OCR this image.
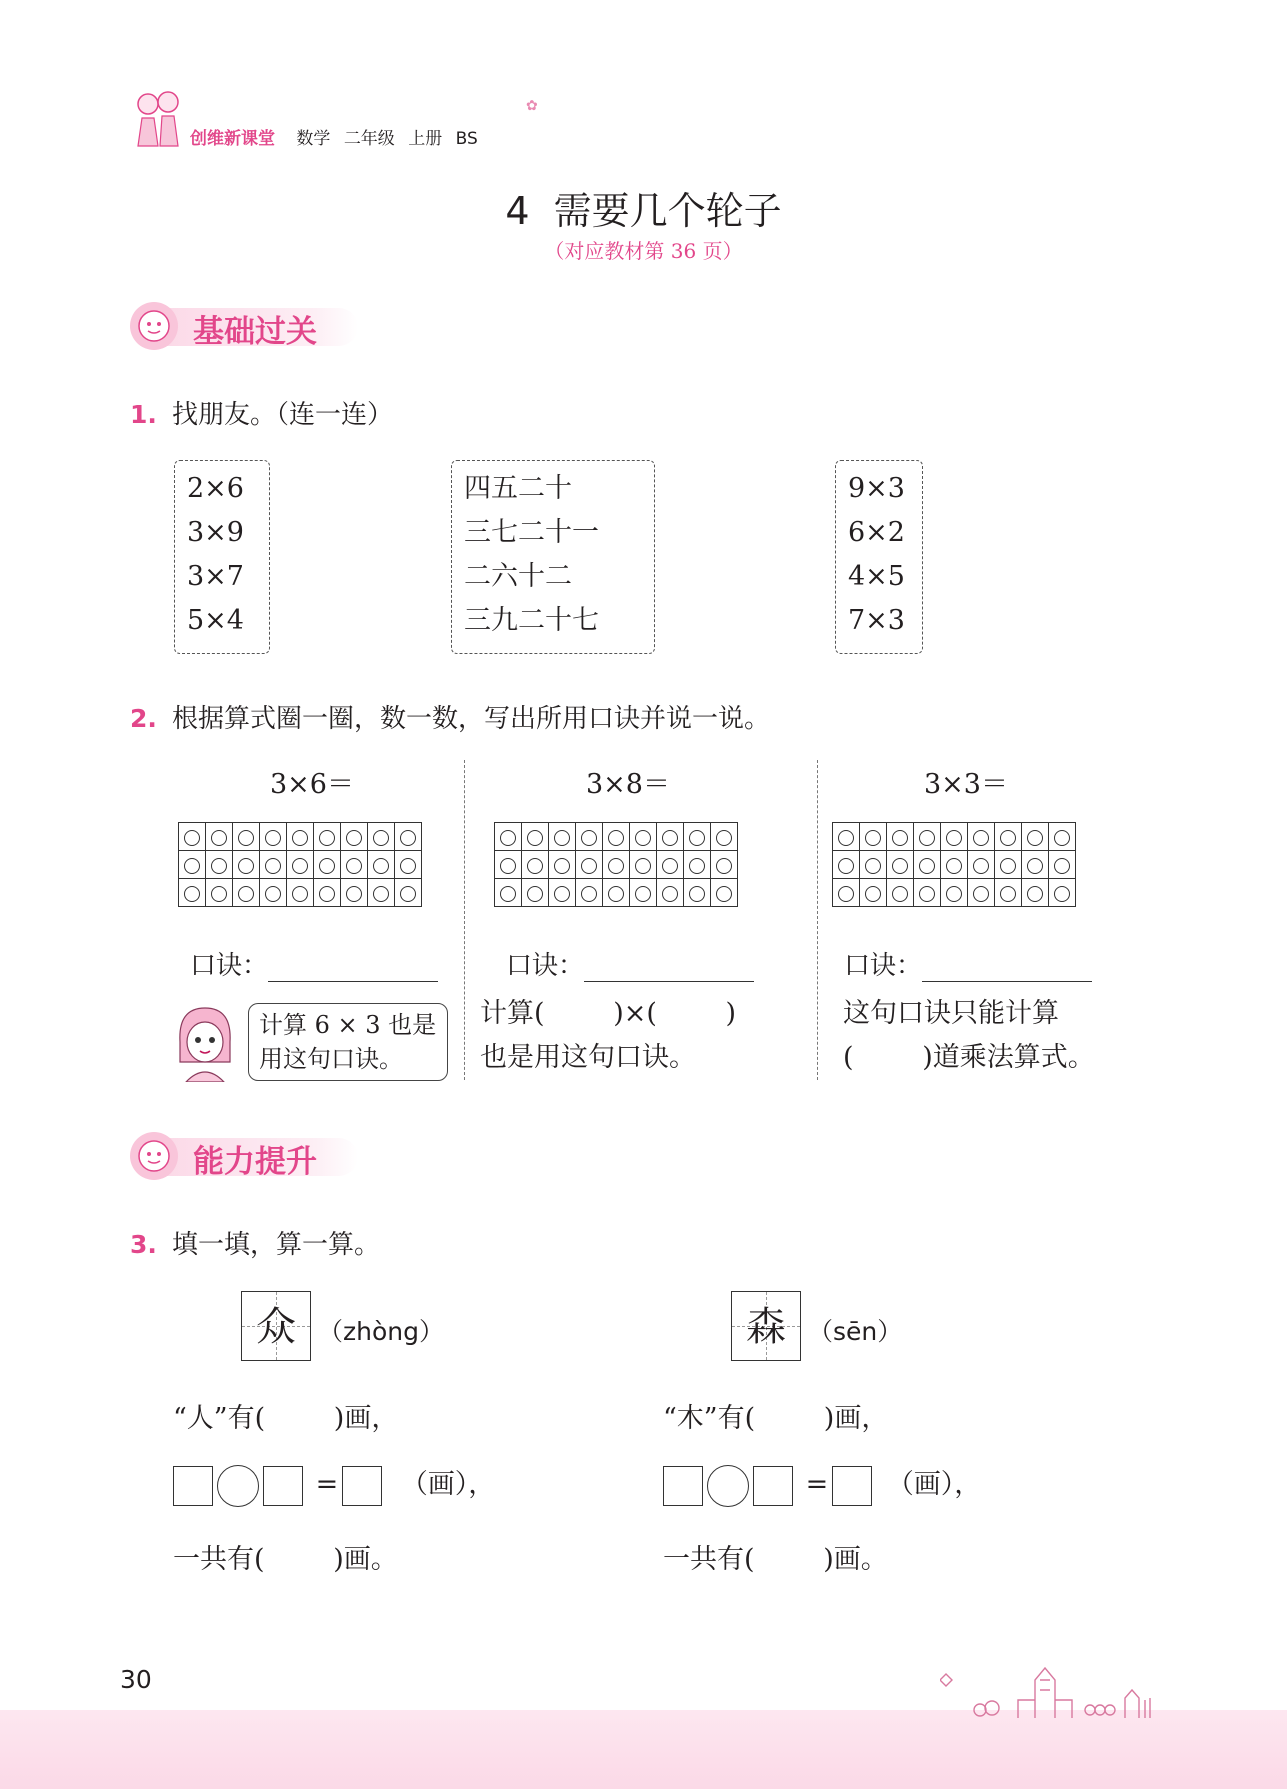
创维新课堂 数学 二年级 上册 BS
✿
4  需要几个轮子
（对应教材第 36 页）
基础过关
1. 找朋友。（连一连）
2×6
3×9
3×7
5×4
四五二十
三七二十一
二六十二
三九二十七
9×3
6×2
4×5
7×3
2. 根据算式圈一圈，数一数，写出所用口诀并说一说。
3×6＝	3×8＝	3×3＝

口诀：	口诀：	口诀：
计算 6 × 3 也是
用这句口诀。
计算(        )×(        )
也是用这句口诀。
这句口诀只能计算
(        )道乘法算式。
能力提升
3. 填一填，算一算。
众 （zhòng）	森 （sēn）
“人”有(        )画，	“木”有(        )画，
= （画），	= （画），
一共有(        )画。	一共有(        )画。
30
